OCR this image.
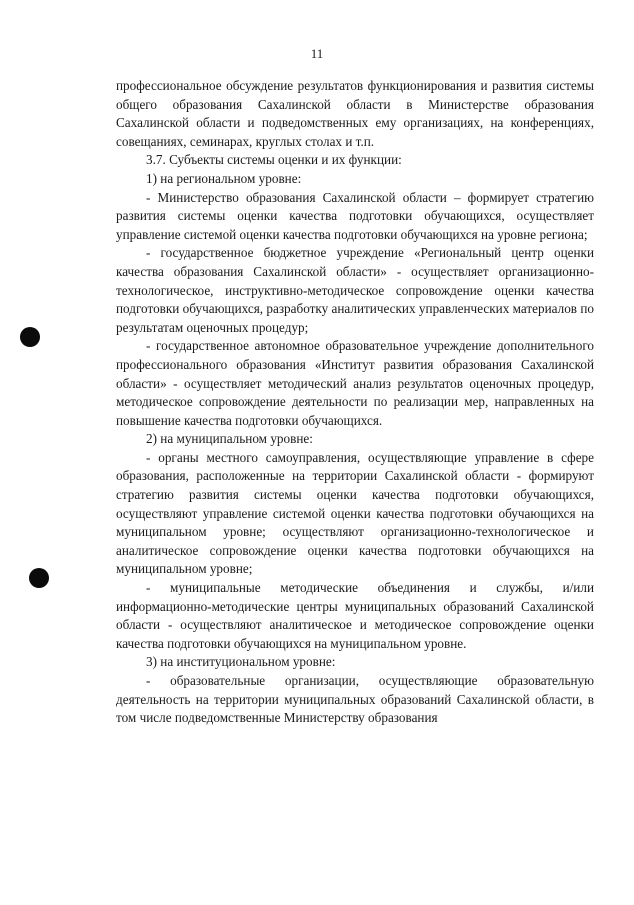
11

профессиональное обсуждение результатов функционирования и развития системы общего образования Сахалинской области в Министерстве образования Сахалинской области и подведомственных ему организациях, на конференциях, совещаниях, семинарах, круглых столах и т.п.

3.7. Субъекты системы оценки и их функции:

1) на региональном уровне:

- Министерство образования Сахалинской области – формирует стратегию развития системы оценки качества подготовки обучающихся, осуществляет управление системой оценки качества подготовки обучающихся на уровне региона;

- государственное бюджетное учреждение «Региональный центр оценки качества образования Сахалинской области» - осуществляет организационно-технологическое, инструктивно-методическое сопровождение оценки качества подготовки обучающихся, разработку аналитических управленческих материалов по результатам оценочных процедур;

- государственное автономное образовательное учреждение дополнительного профессионального образования «Институт развития образования Сахалинской области» - осуществляет методический анализ результатов оценочных процедур, методическое сопровождение деятельности по реализации мер, направленных на повышение качества подготовки обучающихся.

2) на муниципальном уровне:

- органы местного самоуправления, осуществляющие управление в сфере образования, расположенные на территории Сахалинской области - формируют стратегию развития системы оценки качества подготовки обучающихся, осуществляют управление системой оценки качества подготовки обучающихся на муниципальном уровне; осуществляют организационно-технологическое и аналитическое сопровождение оценки качества подготовки обучающихся на муниципальном уровне;

- муниципальные методические объединения и службы, и/или информационно-методические центры муниципальных образований Сахалинской области - осуществляют аналитическое и методическое сопровождение оценки качества подготовки обучающихся на муниципальном уровне.

3) на институциональном уровне:

- образовательные организации, осуществляющие образовательную деятельность на территории муниципальных образований Сахалинской области, в том числе подведомственные Министерству образования
